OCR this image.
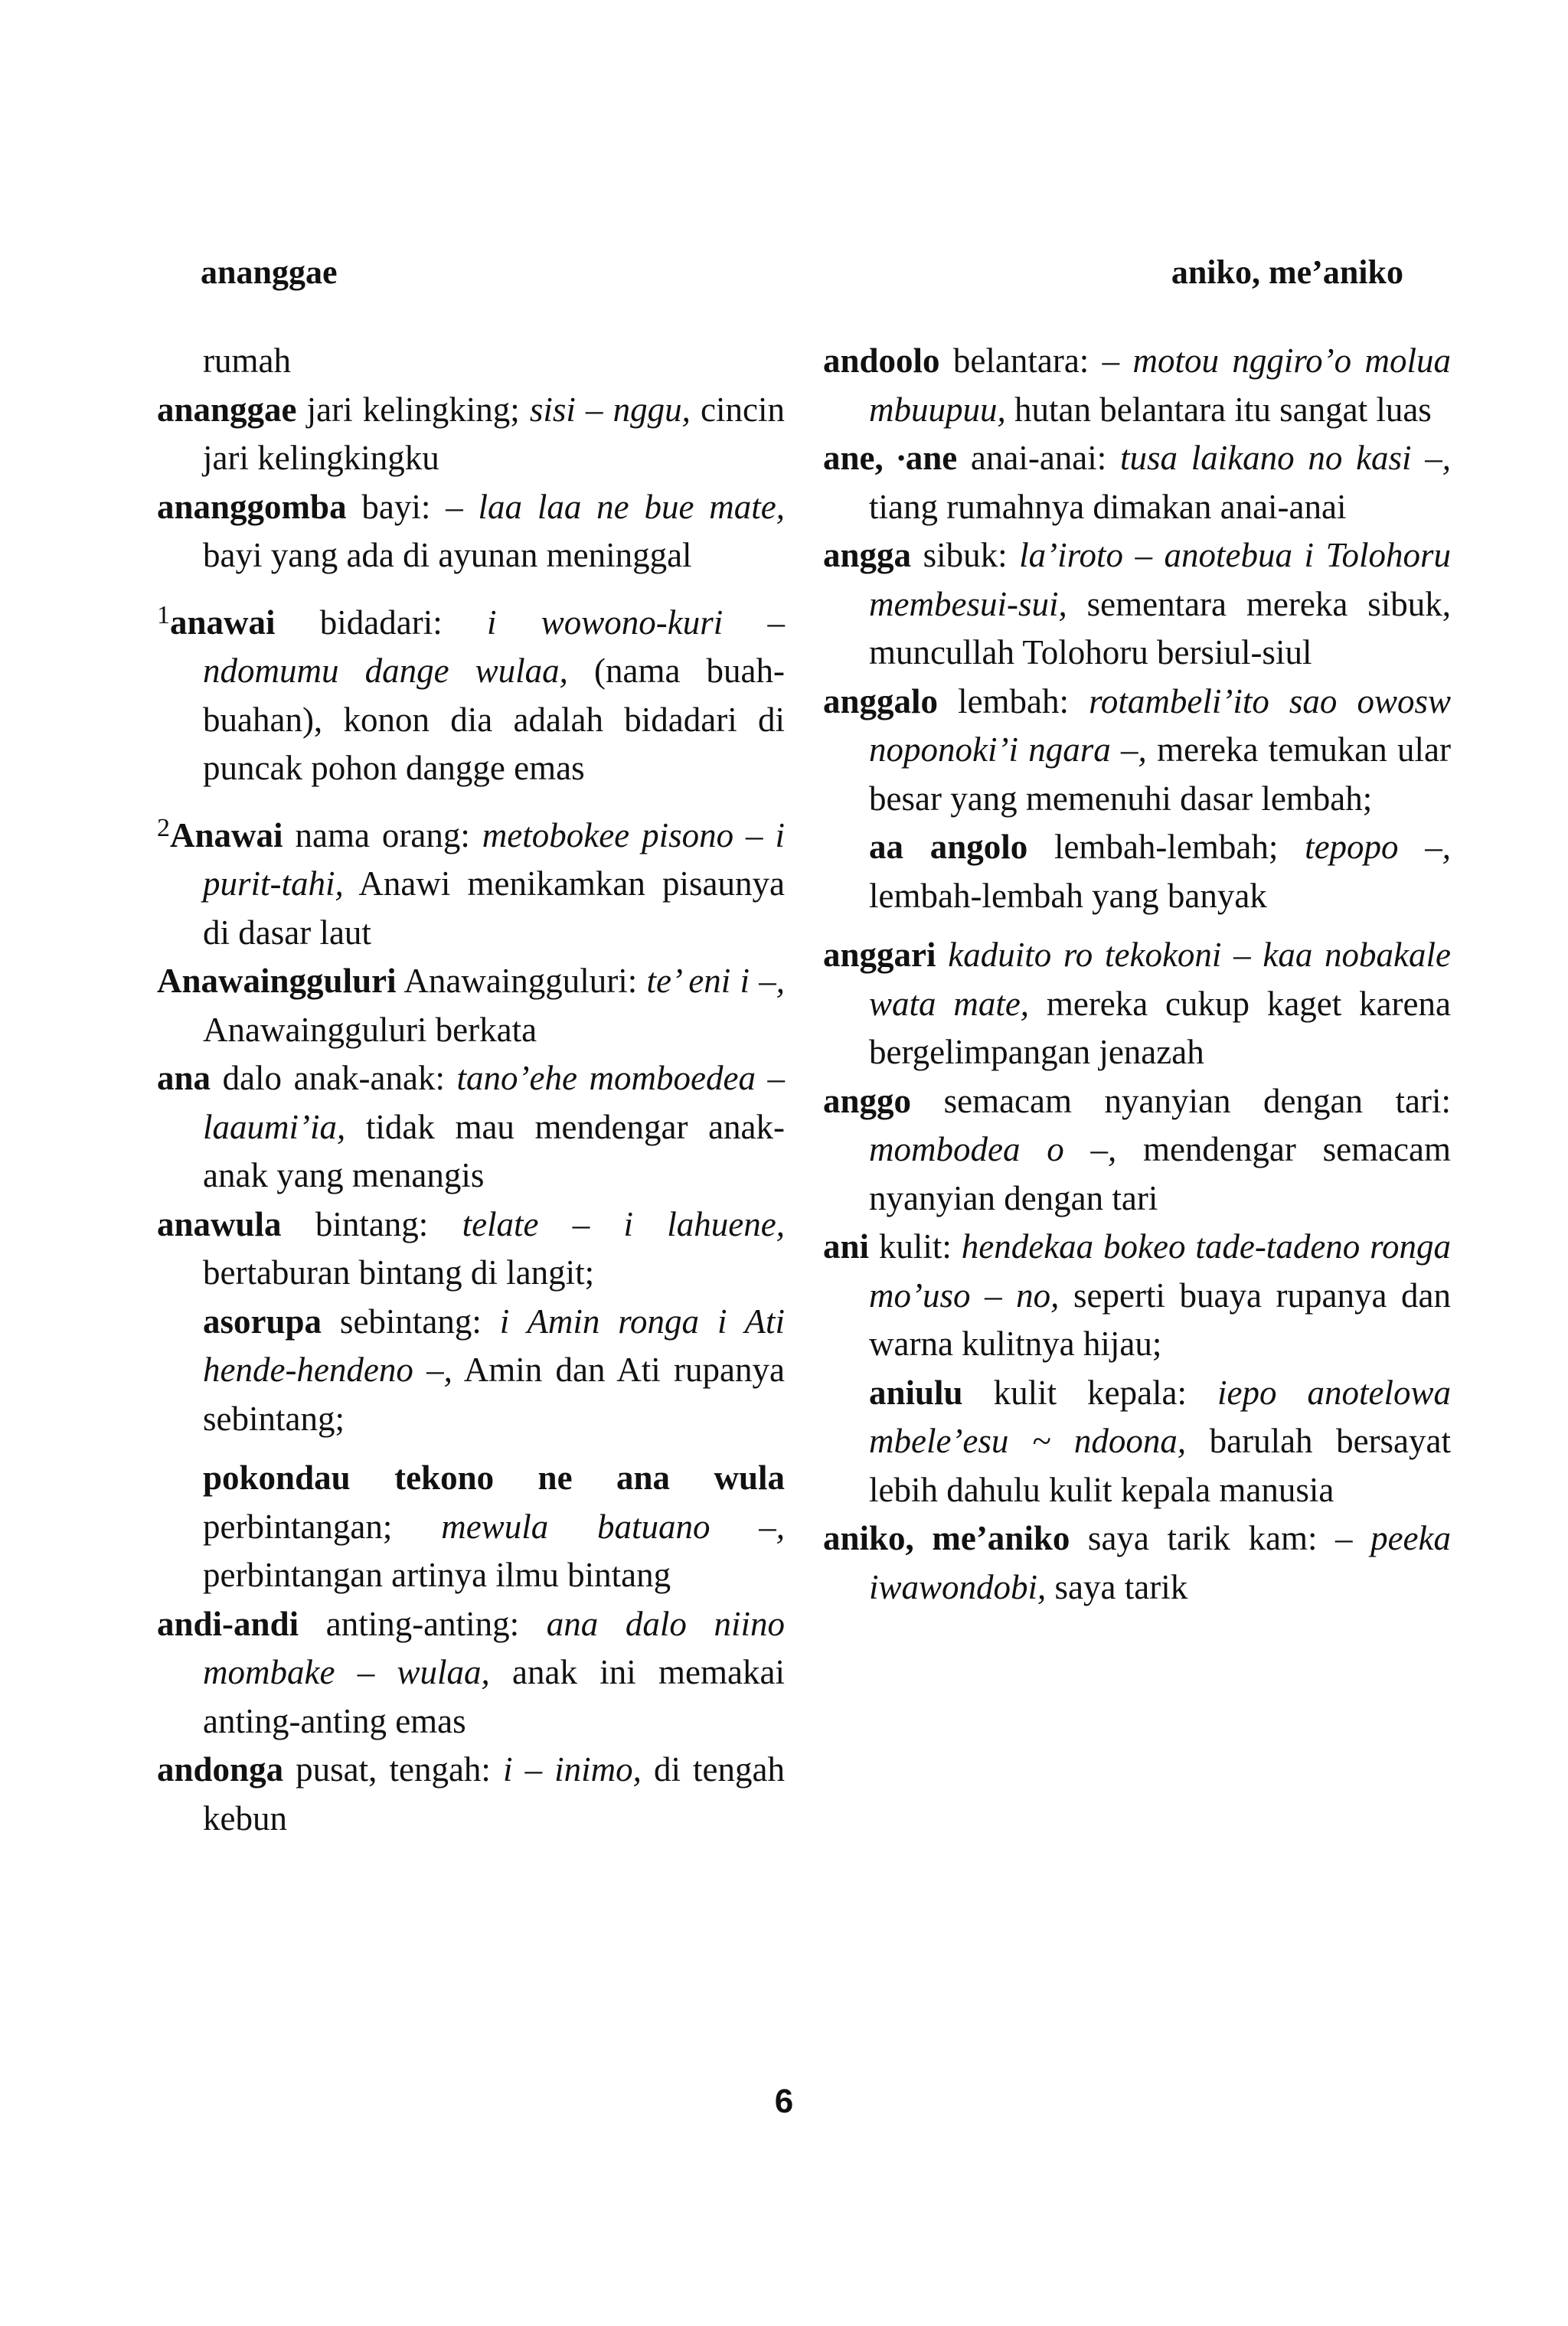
ananggae	aniko, me’aniko
rumah
ananggae jari kelingking; sisi – nggu, cincin jari kelingkingku
ananggomba bayi: – laa laa ne bue mate, bayi yang ada di ayunan meninggal
$^1$anawai bidadari: i wowono-kuri – ndomumu dange wulaa, (nama buah-buahan), konon dia adalah bidadari di puncak pohon dangge emas
$^2$Anawai nama orang: metobokee pisono – i purit-tahi, Anawi menikamkan pisaunya di dasar laut
Anawaingguluri Anawaingguluri: te’ eni i –, Anawaingguluri berkata
ana dalo anak-anak: tano’ehe momboedea – laaumi’ia, tidak mau mendengar anak-anak yang menangis
anawula bintang: telate – i lahuene, bertaburan bintang di langit;
asorupa sebintang: i Amin ronga i Ati hende-hendeno –, Amin dan Ati rupanya sebintang;
pokondau tekono ne ana wula perbintangan; mewula batuano –, perbintangan artinya ilmu bintang
andi-andi anting-anting: ana dalo niino mombake – wulaa, anak ini memakai anting-anting emas
andonga pusat, tengah: i – inimo, di tengah kebun
andoolo belantara: – motou nggiro’o molua mbuupuu, hutan belantara itu sangat luas
ane, ∙ane anai-anai: tusa laikano no kasi –, tiang rumahnya dimakan anai-anai
angga sibuk: la’iroto – anotebua i Tolohoru membesui-sui, sementara mereka sibuk, muncullah Tolohoru bersiul-siul
anggalo lembah: rotambeli’ito sao owosw noponoki’i ngara –, mereka temukan ular besar yang memenuhi dasar lembah;
aa angolo lembah-lembah; tepopo –, lembah-lembah yang banyak
anggari kaduito ro tekokoni – kaa nobakale wata mate, mereka cukup kaget karena bergelimpangan jenazah
anggo semacam nyanyian dengan tari: mombodea o –, mendengar semacam nyanyian dengan tari
ani kulit: hendekaa bokeo tade-tadeno ronga mo’uso – no, seperti buaya rupanya dan warna kulitnya hijau;
aniulu kulit kepala: iepo anotelowa mbele’esu ~ ndoona, barulah bersayat lebih dahulu kulit kepala manusia
aniko, me’aniko saya tarik kam: – peeka iwawondobi, saya tarik
6
